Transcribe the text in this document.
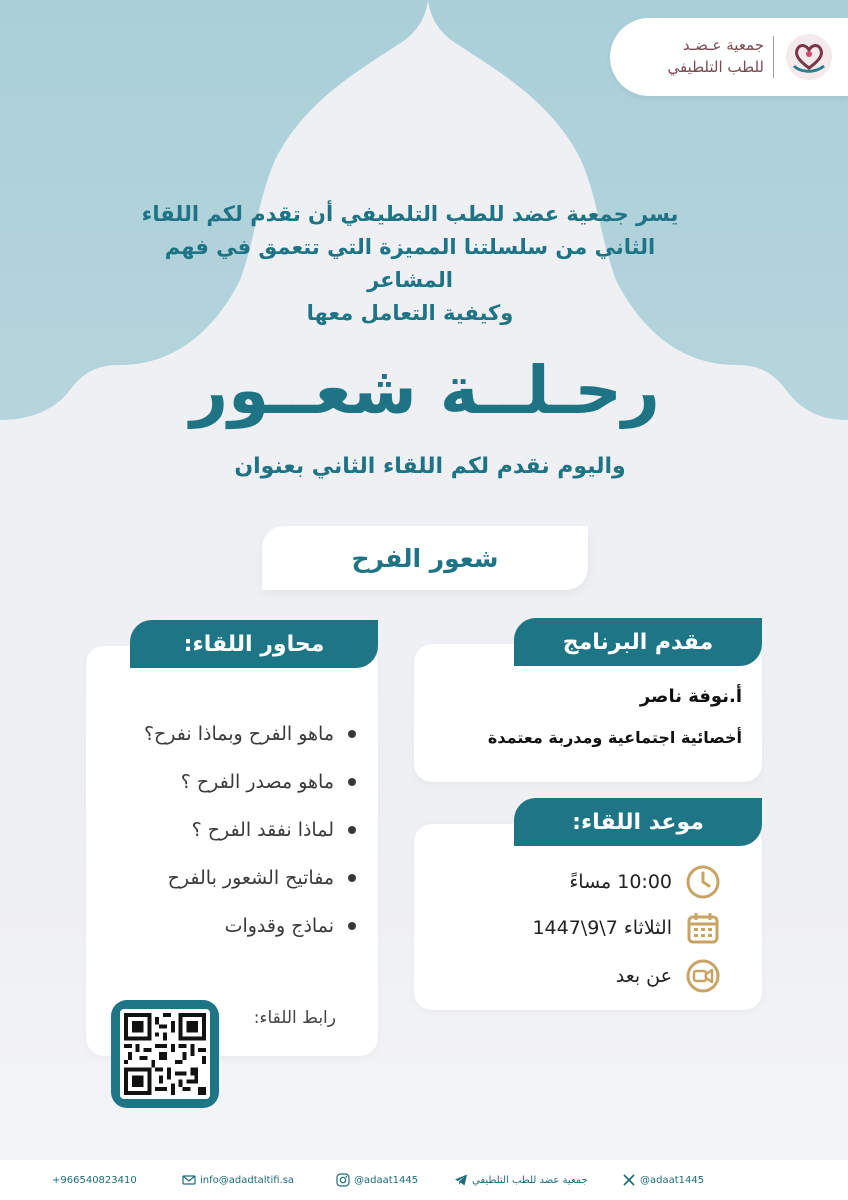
جمعية عـضـد
للطب التلطيفي
يسر جمعية عضد للطب التلطيفي أن تقدم لكم اللقاء
الثاني من سلسلتنا المميزة التي تتعمق في فهم المشاعر
وكيفية التعامل معها
رحـلــة شعــور
واليوم نقدم لكم اللقاء الثاني بعنوان
شعور الفرح
ماهو الفرح وبماذا نفرح؟
ماهو مصدر الفرح ؟
لماذا نفقد الفرح ؟
مفاتيح الشعور بالفرح
نماذج وقدوات
رابط اللقاء:
محاور اللقاء:
أ.نوفة ناصر
أخصائية اجتماعية ومدربة معتمدة
مقدم البرنامج
10:00 مساءً
الثلاثاء 7\9\1447
عن بعد
موعد اللقاء:
+966540823410	info@adadtaltifi.sa	@adaat1445	جمعية عضد للطب التلطيفي	@adaat1445
